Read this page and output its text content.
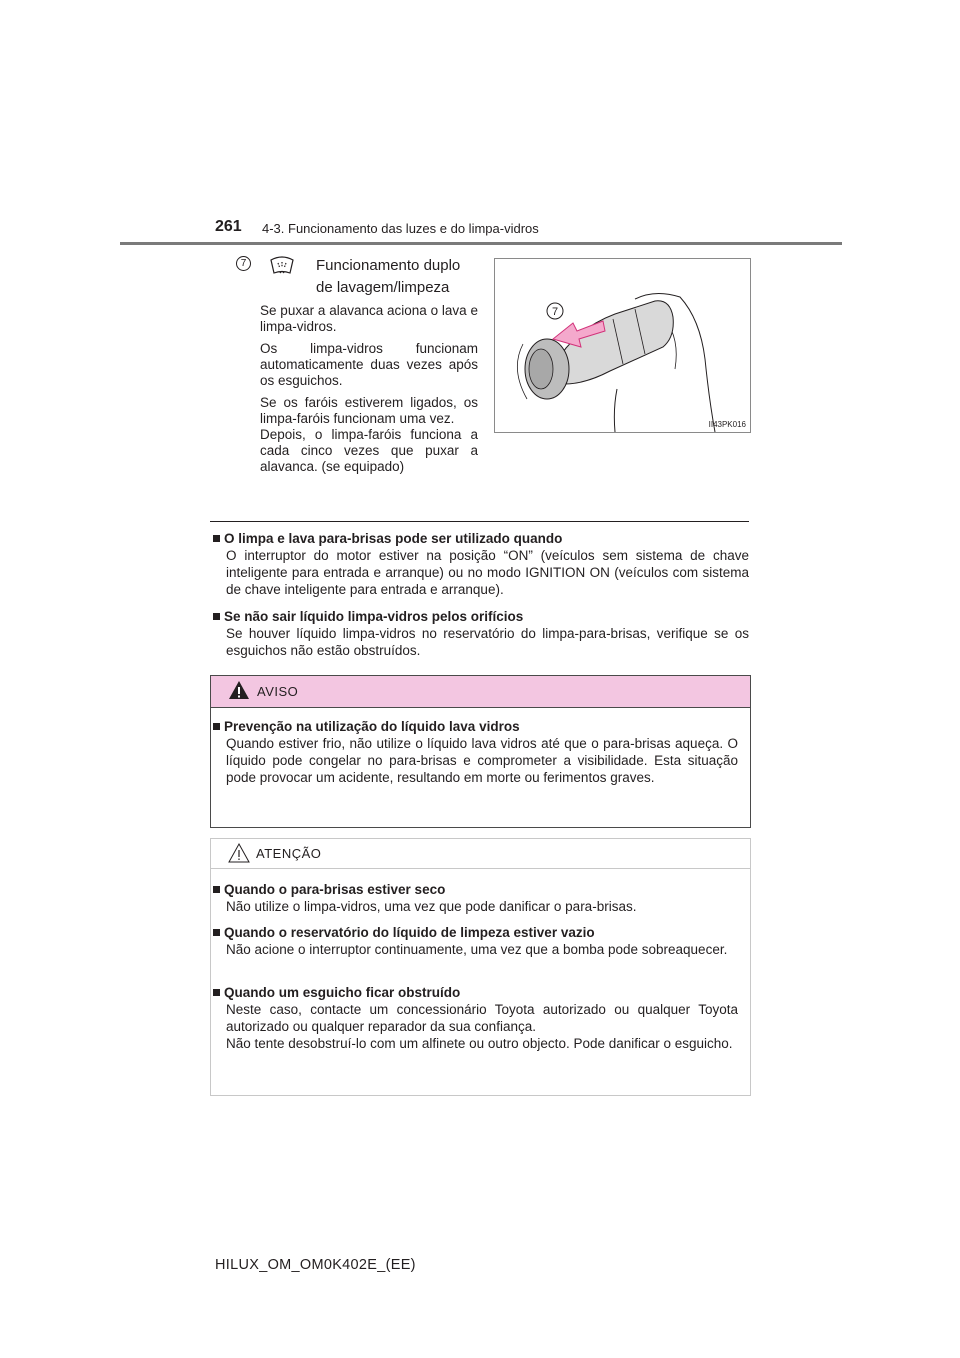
261 4-3. Funcionamento das luzes e do limpa-vidros
7	Funcionamento duplo
de lavagem/limpeza

Se puxar a alavanca aciona o lava e limpa-vidros.

Os limpa-vidros funcionam automaticamente duas vezes após os esguichos.

Se os faróis estiverem ligados, os limpa-faróis funcionam uma vez.

Depois, o limpa-faróis funciona a cada cinco vezes que puxar a alavanca. (se equipado)

7
II43PK016
O limpa e lava para-brisas pode ser utilizado quando
O interruptor do motor estiver na posição “ON” (veículos sem sistema de chave inteligente para entrada e arranque) ou no modo IGNITION ON (veículos com sistema de chave inteligente para entrada e arranque).
Se não sair líquido limpa-vidros pelos orifícios
Se houver líquido limpa-vidros no reservatório do limpa-para-brisas, verifique se os esguichos não estão obstruídos.
AVISO
Prevenção na utilização do líquido lava vidros
Quando estiver frio, não utilize o líquido lava vidros até que o para-brisas aqueça. O líquido pode congelar no para-brisas e comprometer a visibilidade. Esta situação pode provocar um acidente, resultando em morte ou ferimentos graves.
ATENÇÃO
Quando o para-brisas estiver seco
Não utilize o limpa-vidros, uma vez que pode danificar o para-brisas.
Quando o reservatório do líquido de limpeza estiver vazio
Não acione o interruptor continuamente, uma vez que a bomba pode sobreaquecer.
Quando um esguicho ficar obstruído
Neste caso, contacte um concessionário Toyota autorizado ou qualquer Toyota autorizado ou qualquer reparador da sua confiança.
Não tente desobstruí-lo com um alfinete ou outro objecto. Pode danificar o esguicho.
HILUX_OM_OM0K402E_(EE)
